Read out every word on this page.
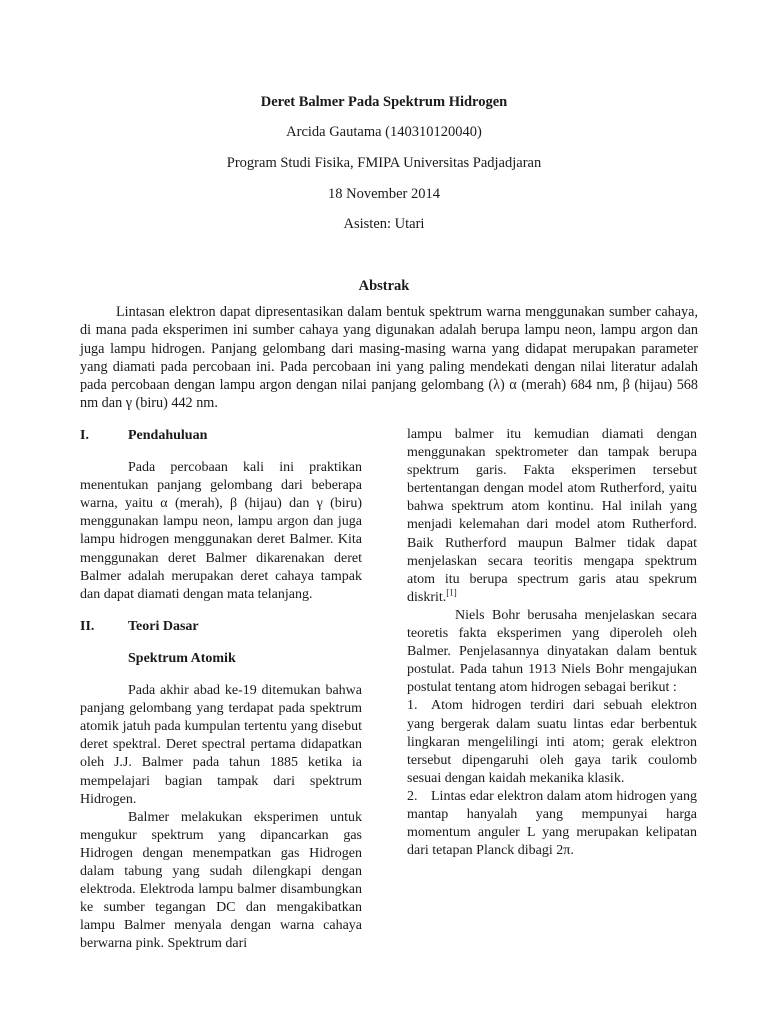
Deret Balmer Pada Spektrum Hidrogen
Arcida Gautama (140310120040)
Program Studi Fisika, FMIPA Universitas Padjadjaran
18 November 2014
Asisten: Utari
Abstrak

Lintasan elektron dapat dipresentasikan dalam bentuk spektrum warna menggunakan sumber cahaya, di mana pada eksperimen ini sumber cahaya yang digunakan adalah berupa lampu neon, lampu argon dan juga lampu hidrogen. Panjang gelombang dari masing-masing warna yang didapat merupakan parameter yang diamati pada percobaan ini. Pada percobaan ini yang paling mendekati dengan nilai literatur adalah pada percobaan dengan lampu argon dengan nilai panjang gelombang (λ) α (merah) 684 nm, β (hijau) 568 nm dan γ (biru) 442 nm.

I.	Pendahuluan

Pada percobaan kali ini praktikan menentukan panjang gelombang dari beberapa warna, yaitu α (merah), β (hijau) dan γ (biru) menggunakan lampu neon, lampu argon dan juga lampu hidrogen menggunakan deret Balmer. Kita menggunakan deret Balmer dikarenakan deret Balmer adalah merupakan deret cahaya tampak dan dapat diamati dengan mata telanjang.

II.	Teori Dasar

Spektrum Atomik

Pada akhir abad ke-19 ditemukan bahwa panjang gelombang yang terdapat pada spektrum atomik jatuh pada kumpulan tertentu yang disebut deret spektral. Deret spectral pertama didapatkan oleh J.J. Balmer pada tahun 1885 ketika ia mempelajari bagian tampak dari spektrum Hidrogen.

Balmer melakukan eksperimen untuk mengukur spektrum yang dipancarkan gas Hidrogen dengan menempatkan gas Hidrogen dalam tabung yang sudah dilengkapi dengan elektroda. Elektroda lampu balmer disambungkan ke sumber tegangan DC dan mengakibatkan lampu Balmer menyala dengan warna cahaya berwarna pink. Spektrum dari

lampu balmer itu kemudian diamati dengan menggunakan spektrometer dan tampak berupa spektrum garis. Fakta eksperimen tersebut bertentangan dengan model atom Rutherford, yaitu bahwa spektrum atom kontinu. Hal inilah yang menjadi kelemahan dari model atom Rutherford. Baik Rutherford maupun Balmer tidak dapat menjelaskan secara teoritis mengapa spektrum atom itu berupa spectrum garis atau spekrum diskrit.[1]

Niels Bohr berusaha menjelaskan secara teoretis fakta eksperimen yang diperoleh oleh Balmer. Penjelasannya dinyatakan dalam bentuk postulat. Pada tahun 1913 Niels Bohr mengajukan postulat tentang atom hidrogen sebagai berikut :

1. Atom hidrogen terdiri dari sebuah elektron yang bergerak dalam suatu lintas edar berbentuk lingkaran mengelilingi inti atom; gerak elektron tersebut dipengaruhi oleh gaya tarik coulomb sesuai dengan kaidah mekanika klasik.

2. Lintas edar elektron dalam atom hidrogen yang mantap hanyalah yang mempunyai harga momentum anguler L yang merupakan kelipatan dari tetapan Planck dibagi 2π.
